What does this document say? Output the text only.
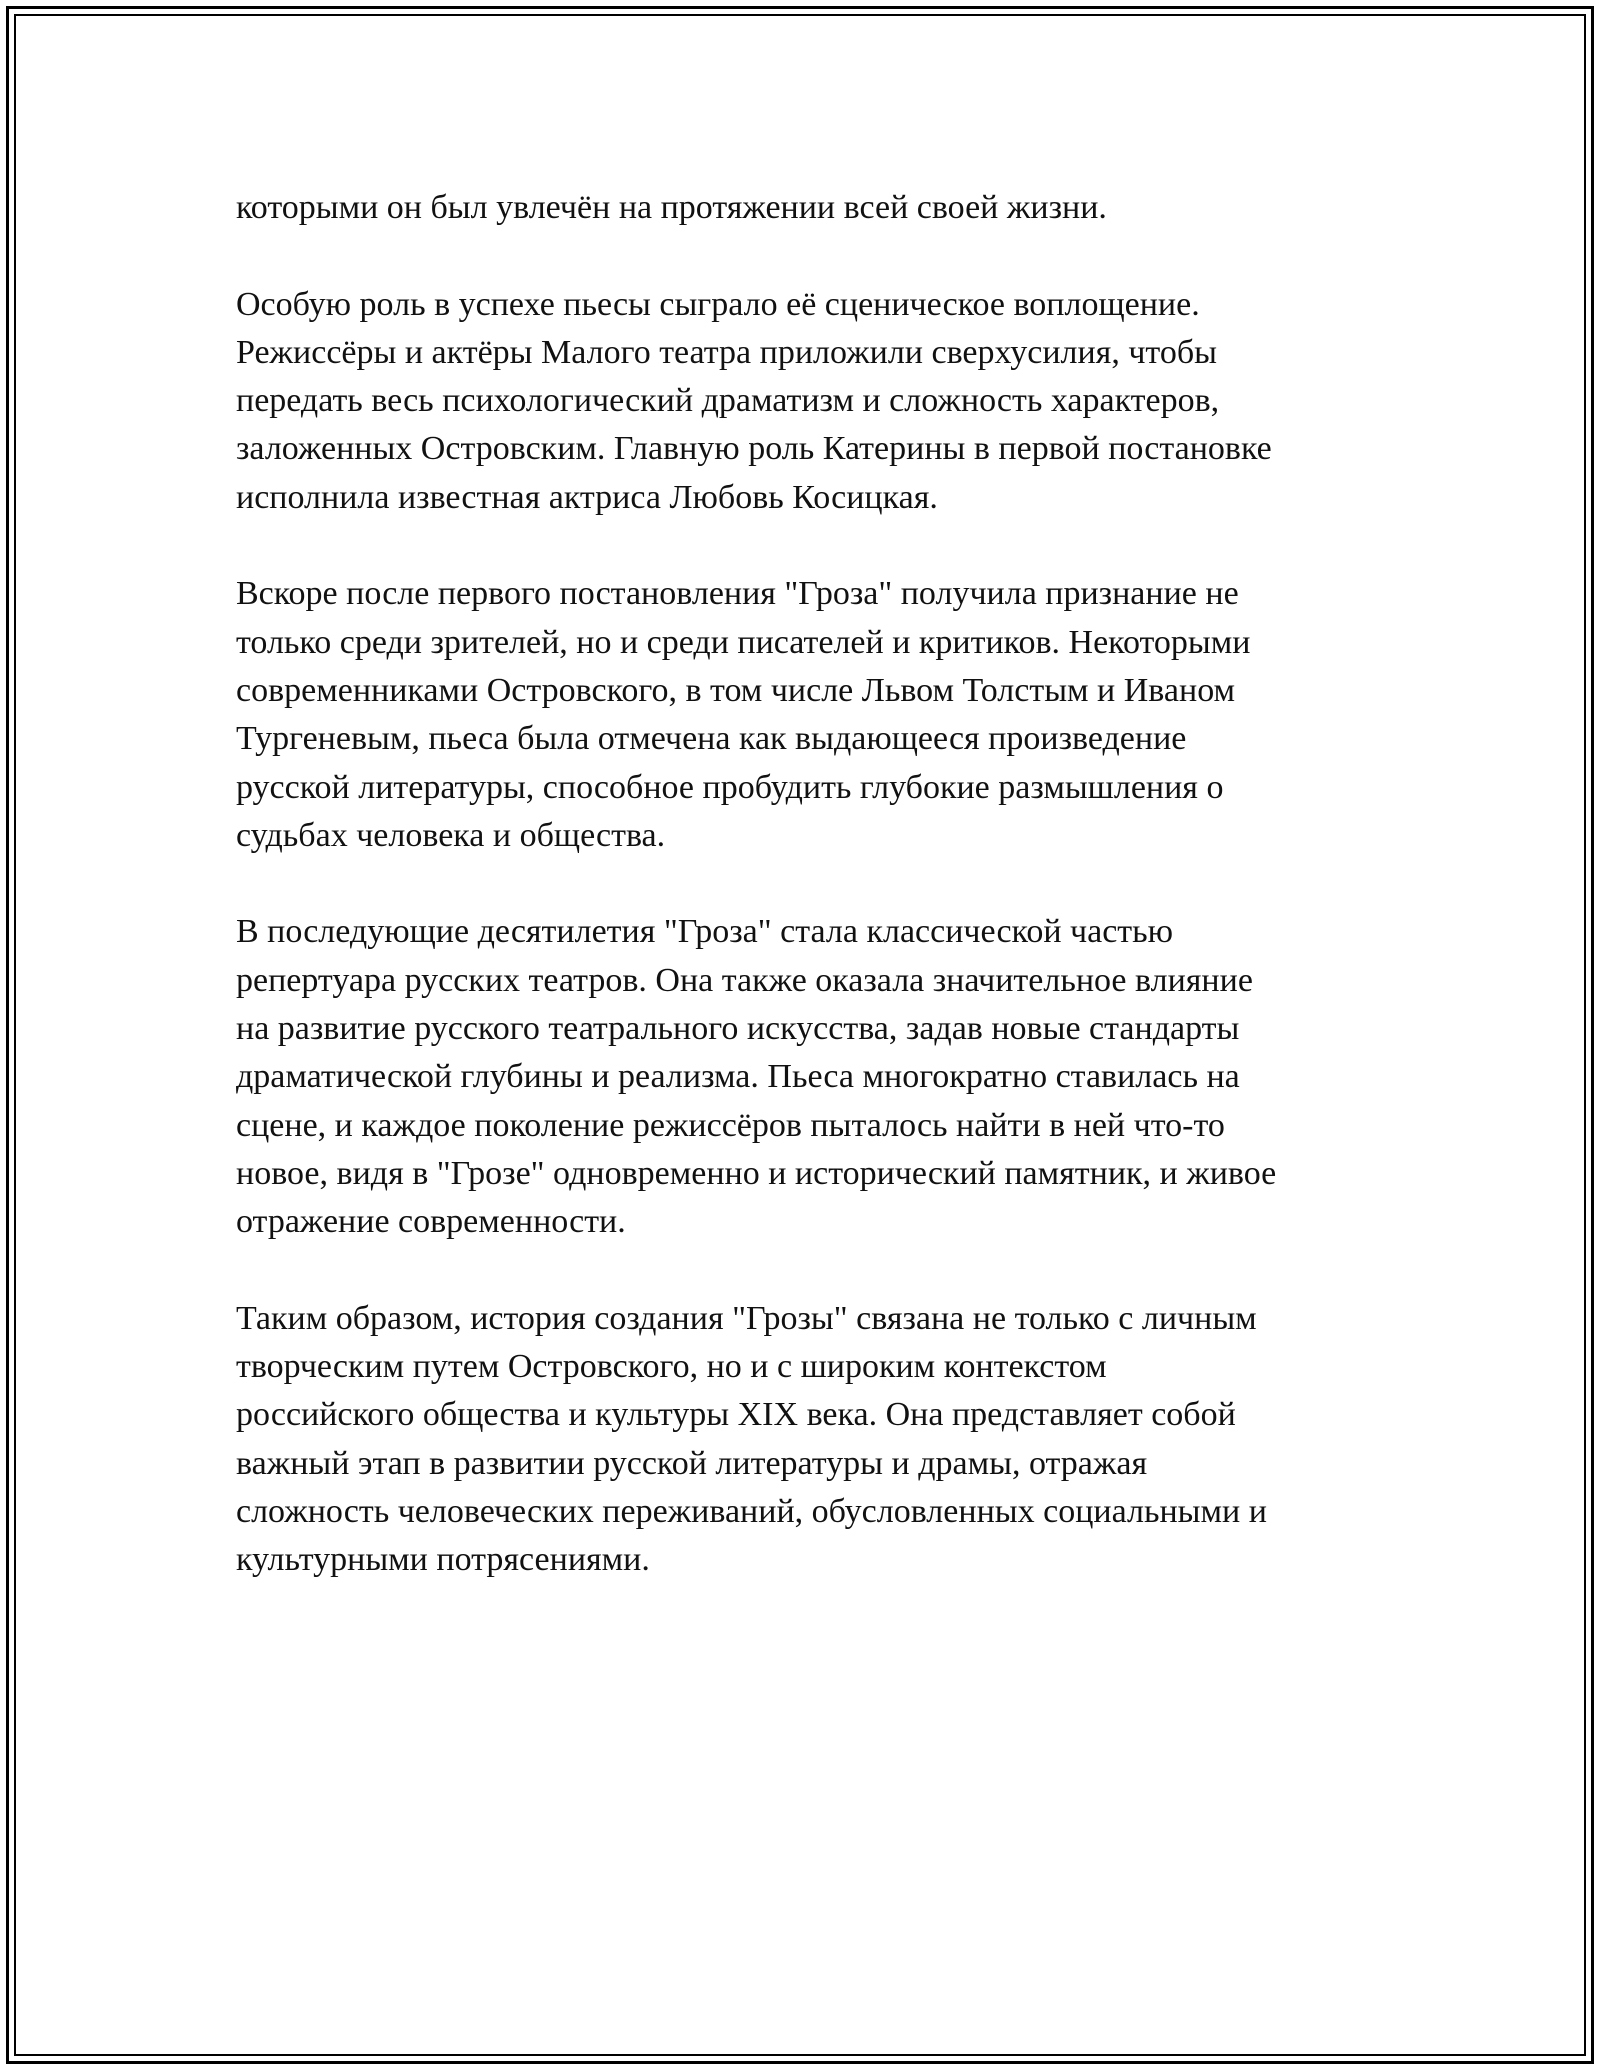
которыми он был увлечён на протяжении всей своей жизни.
Особую роль в успехе пьесы сыграло её сценическое воплощение.
Режиссёры и актёры Малого театра приложили сверхусилия, чтобы
передать весь психологический драматизм и сложность характеров,
заложенных Островским. Главную роль Катерины в первой постановке
исполнила известная актриса Любовь Косицкая.
Вскоре после первого постановления "Гроза" получила признание не
только среди зрителей, но и среди писателей и критиков. Некоторыми
современниками Островского, в том числе Львом Толстым и Иваном
Тургеневым, пьеса была отмечена как выдающееся произведение
русской литературы, способное пробудить глубокие размышления о
судьбах человека и общества.
В последующие десятилетия "Гроза" стала классической частью
репертуара русских театров. Она также оказала значительное влияние
на развитие русского театрального искусства, задав новые стандарты
драматической глубины и реализма. Пьеса многократно ставилась на
сцене, и каждое поколение режиссёров пыталось найти в ней что-то
новое, видя в "Грозе" одновременно и исторический памятник, и живое
отражение современности.
Таким образом, история создания "Грозы" связана не только с личным
творческим путем Островского, но и с широким контекстом
российского общества и культуры XIX века. Она представляет собой
важный этап в развитии русской литературы и драмы, отражая
сложность человеческих переживаний, обусловленных социальными и
культурными потрясениями.
